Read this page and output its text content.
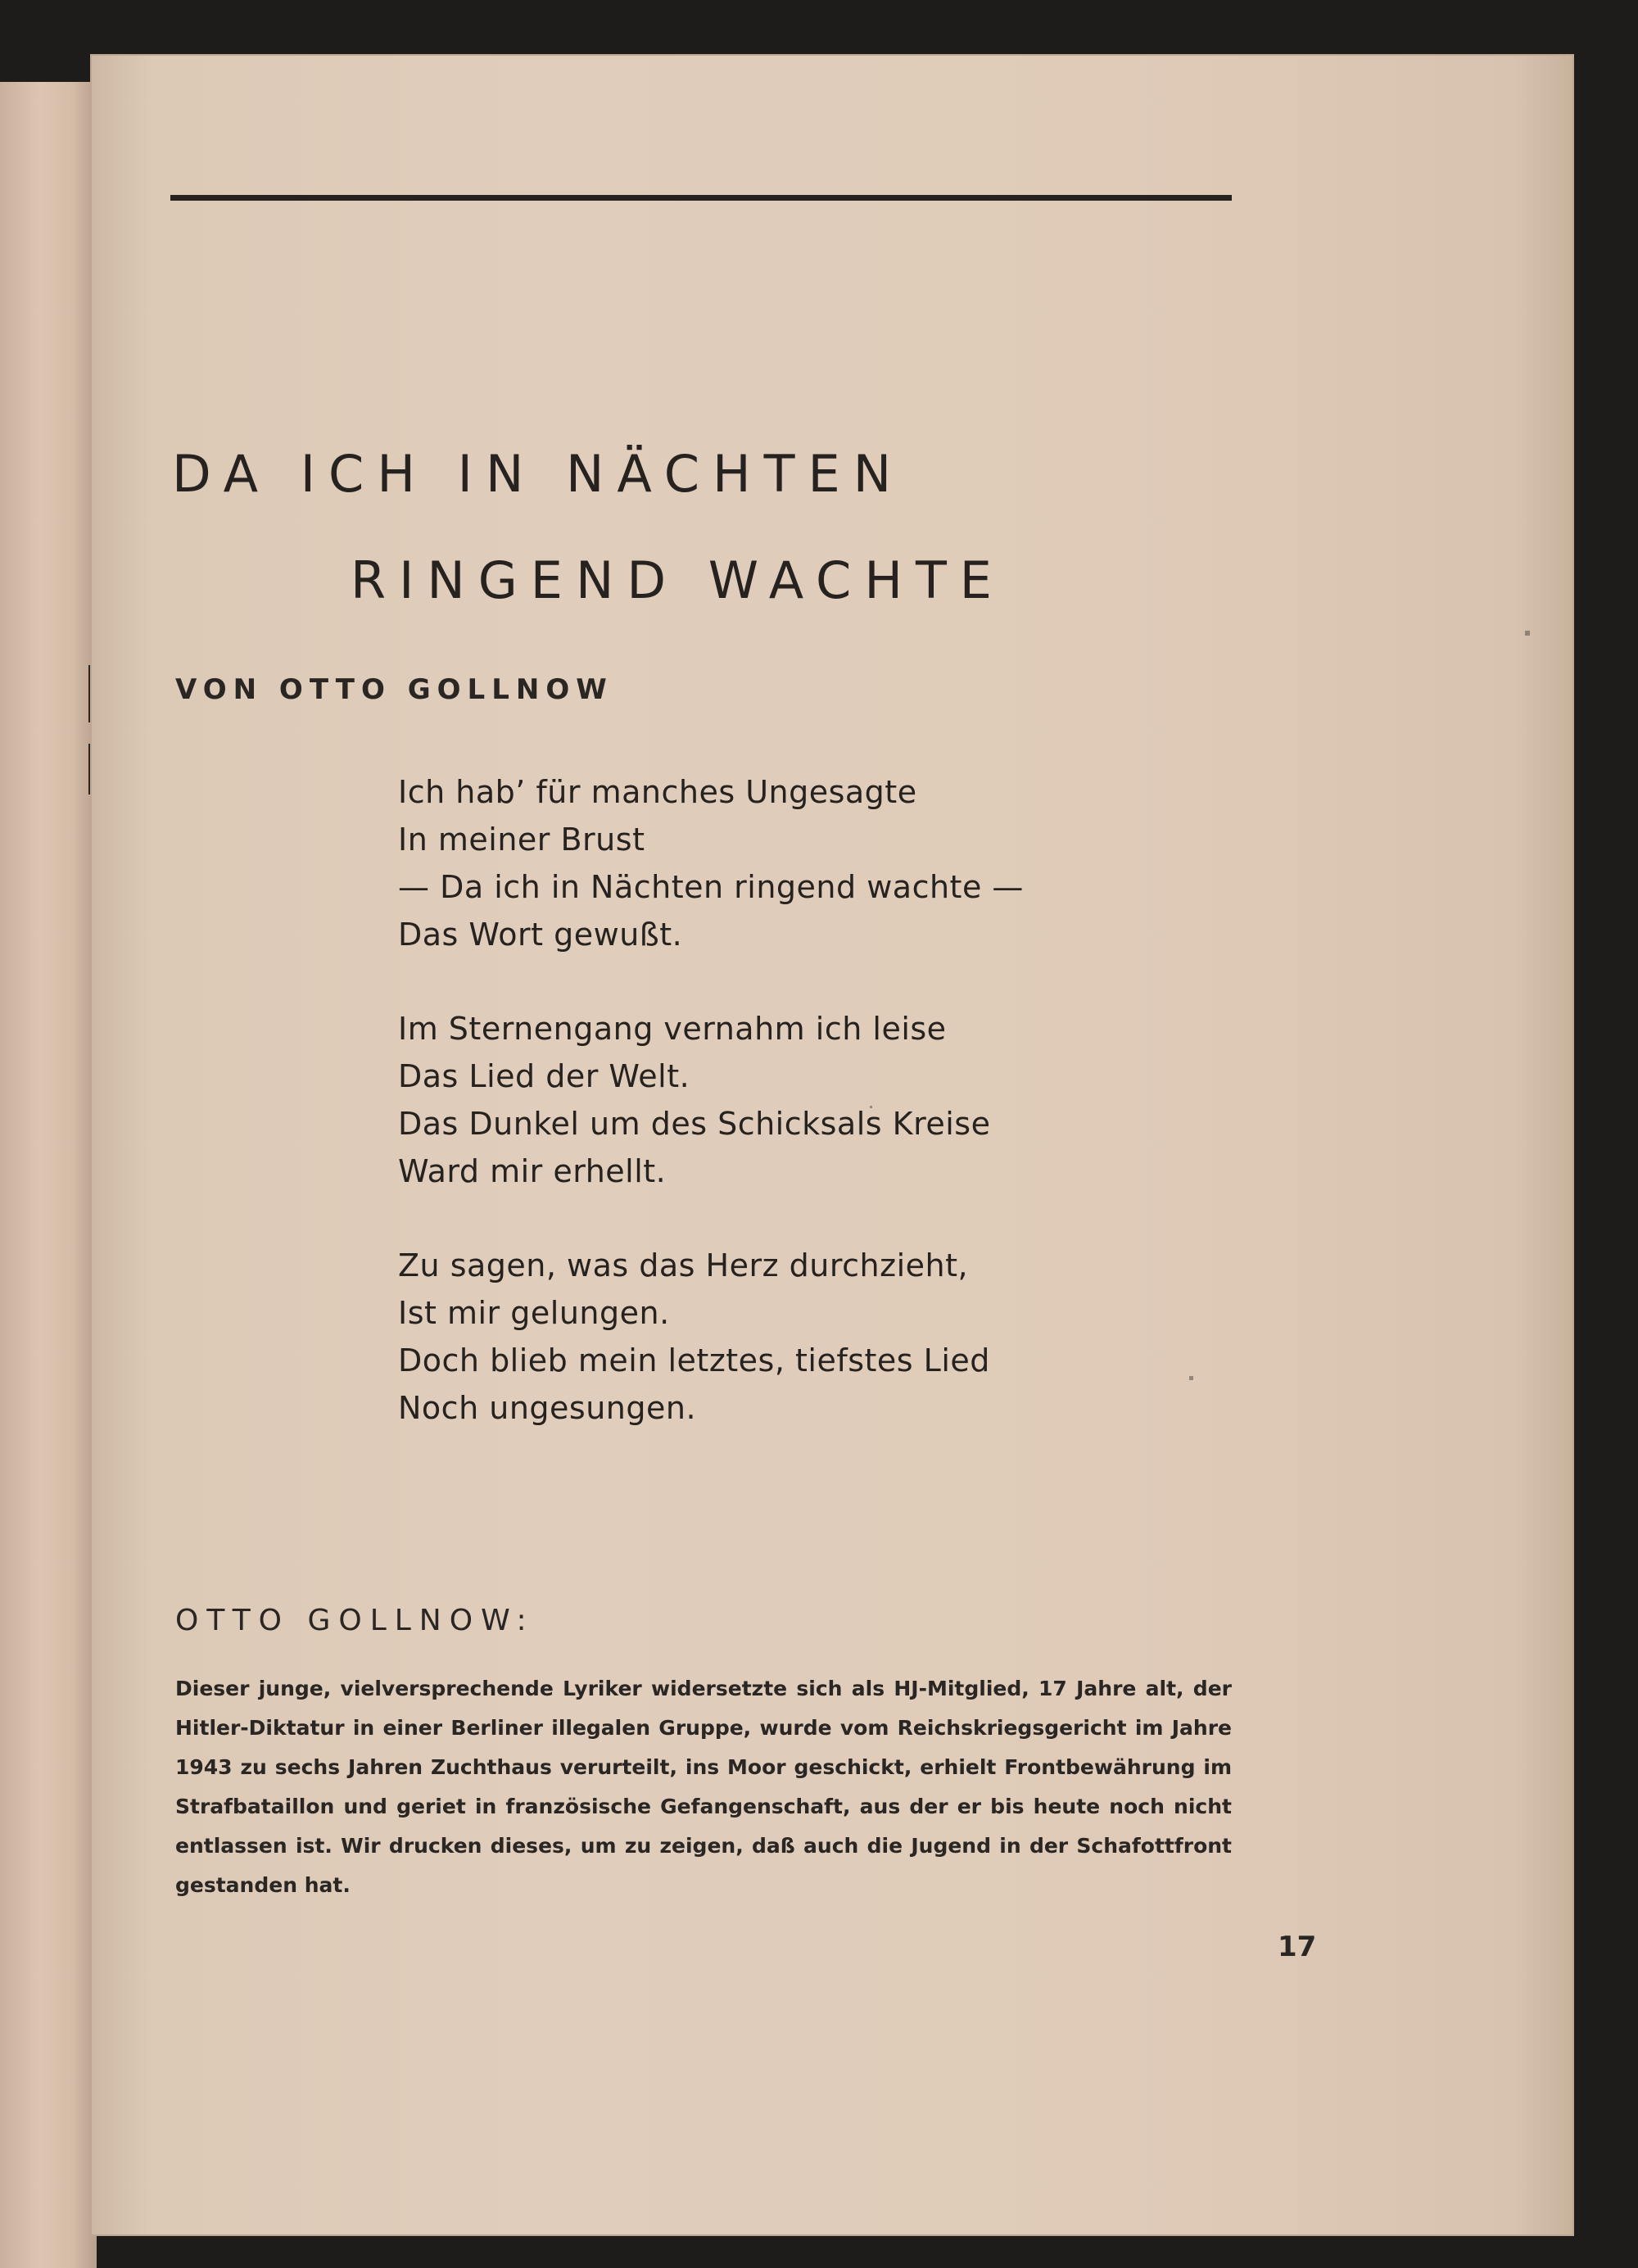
DA ICH IN NÄCHTEN
RINGEND WACHTE

VON OTTO GOLLNOW

Ich hab’ für manches Ungesagte
In meiner Brust
— Da ich in Nächten ringend wachte —
Das Wort gewußt.
Im Sternengang vernahm ich leise
Das Lied der Welt.
Das Dunkel um des Schicksals Kreise
Ward mir erhellt.
Zu sagen, was das Herz durchzieht,
Ist mir gelungen.
Doch blieb mein letztes, tiefstes Lied
Noch ungesungen.
OTTO GOLLNOW:

Dieser junge, vielversprechende Lyriker widersetzte sich als HJ-Mitglied, 17 Jahre alt, der Hitler-Diktatur in einer Berliner illegalen Gruppe, wurde vom Reichskriegsgericht im Jahre 1943 zu sechs Jahren Zuchthaus verurteilt, ins Moor geschickt, erhielt Frontbewährung im Strafbataillon und geriet in französische Gefangenschaft, aus der er bis heute noch nicht entlassen ist. Wir drucken dieses, um zu zeigen, daß auch die Jugend in der Schafottfront gestanden hat.

17
